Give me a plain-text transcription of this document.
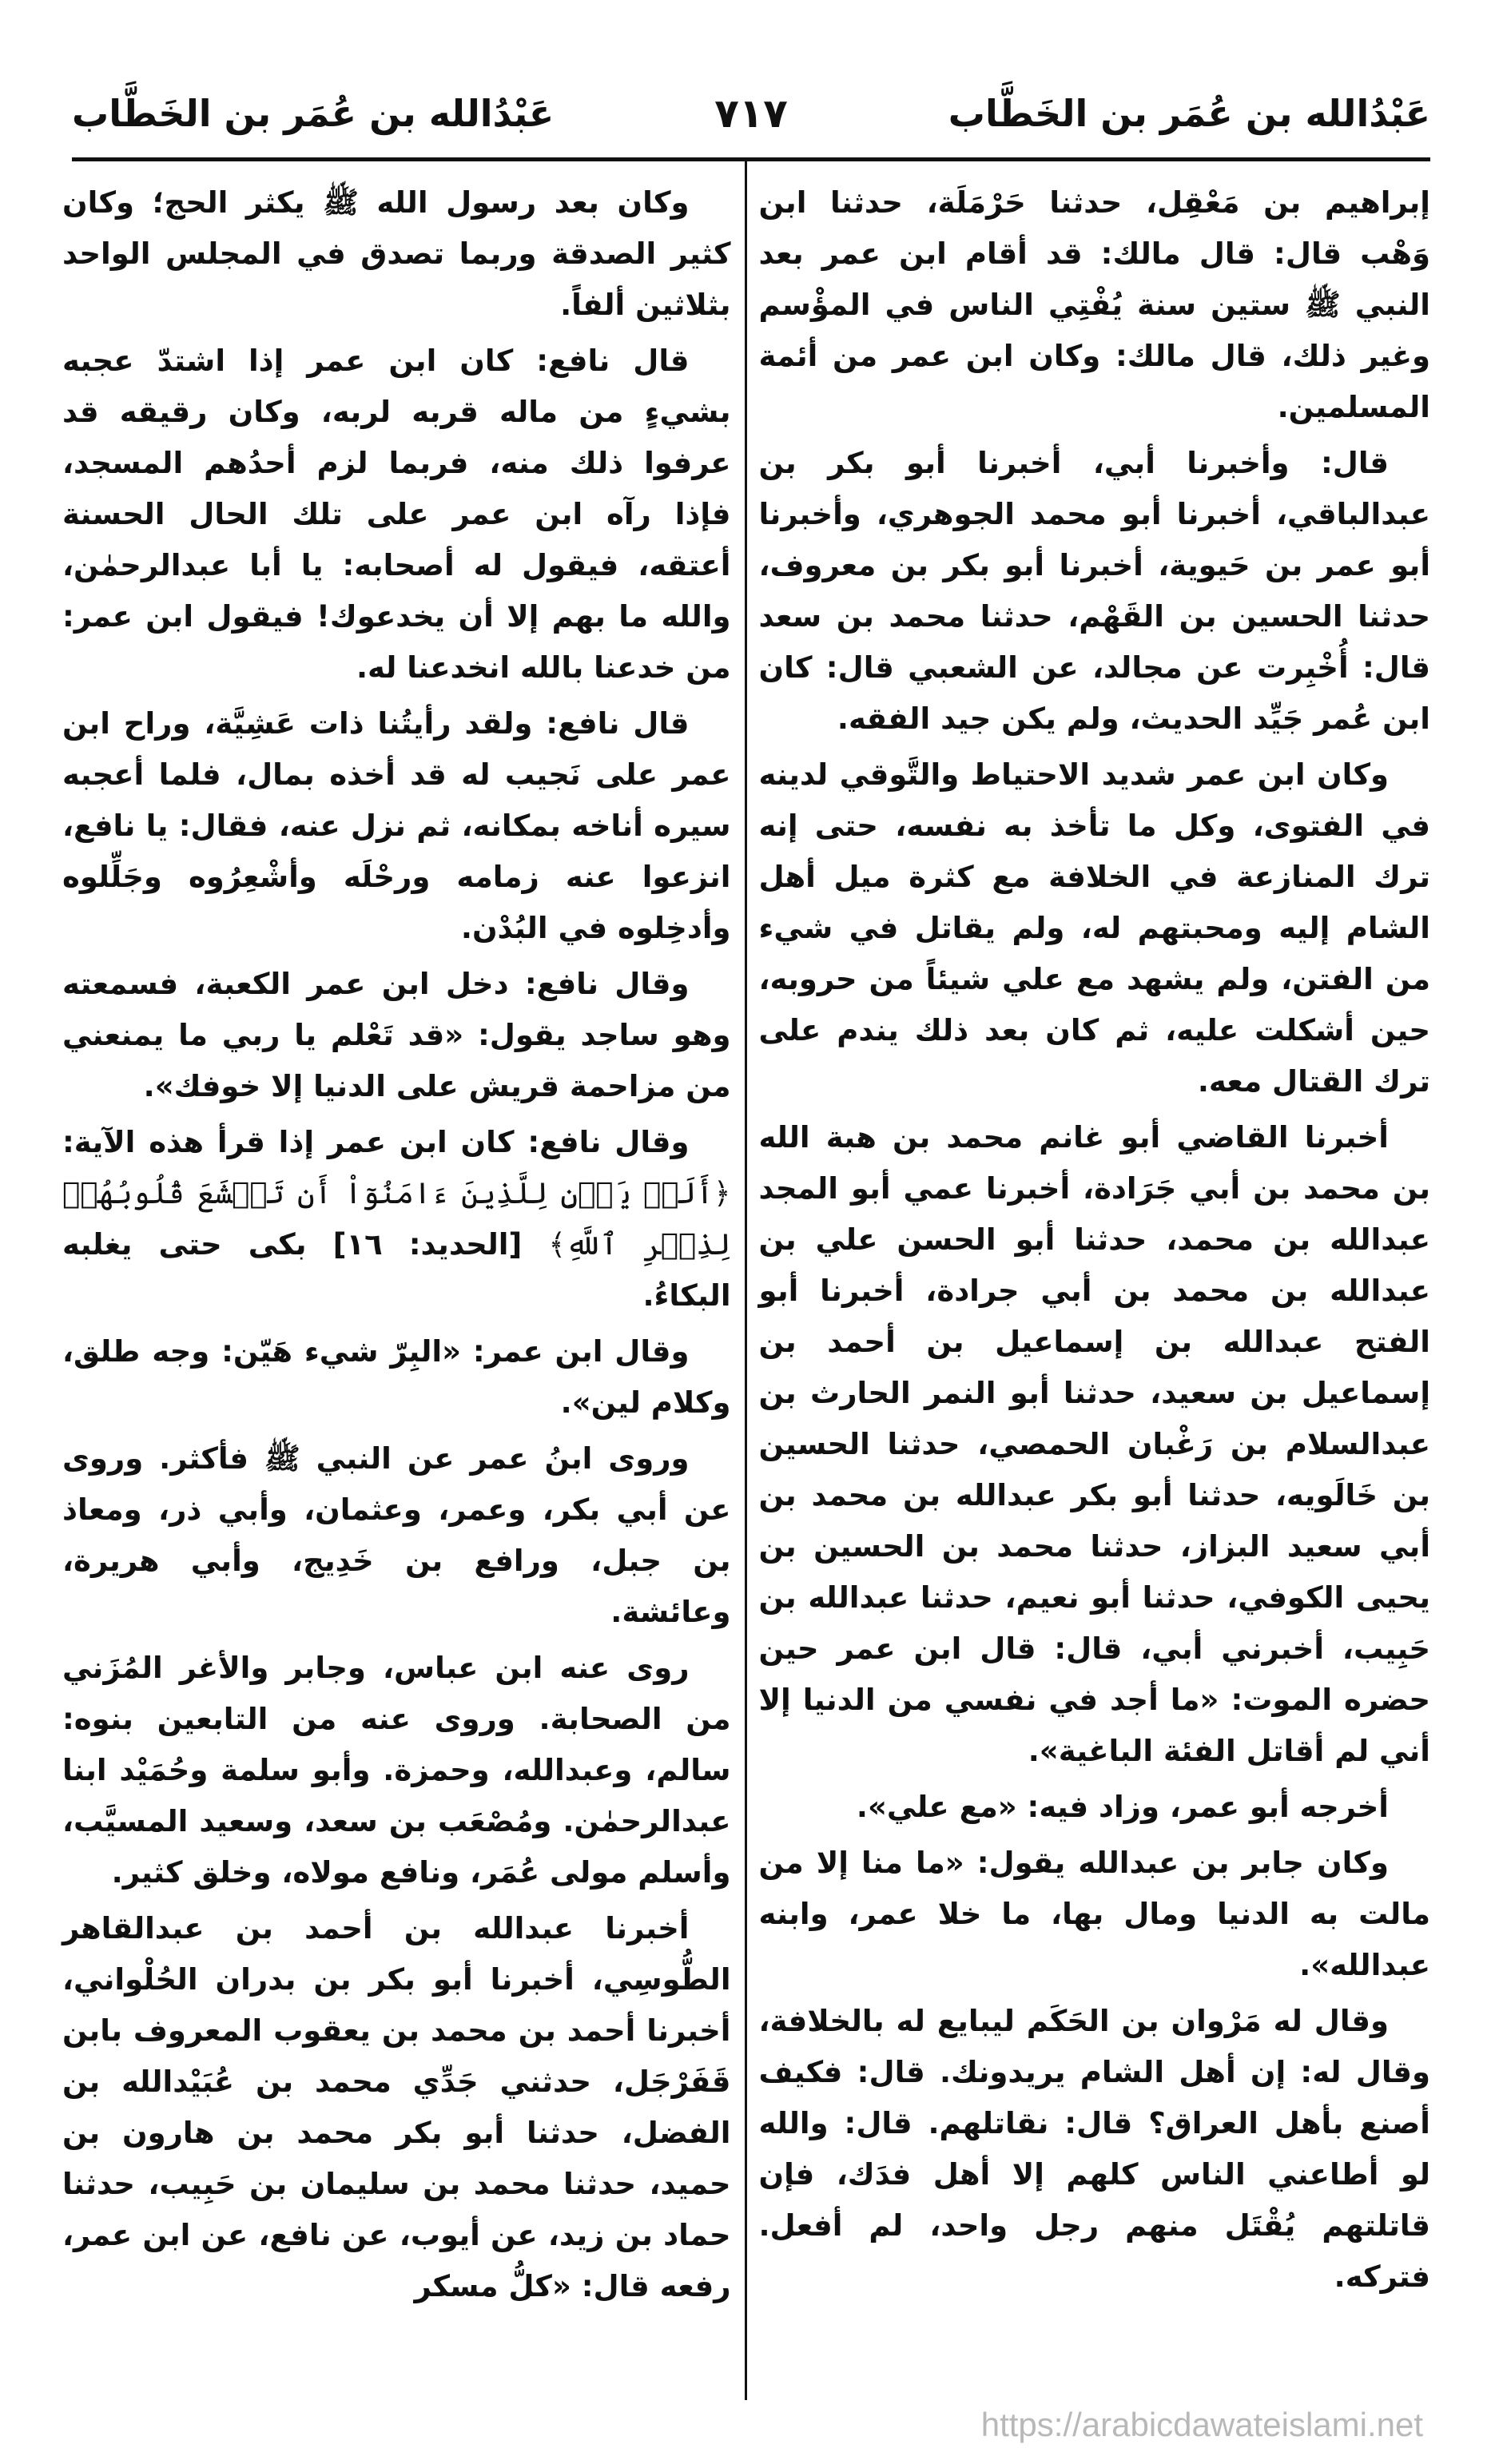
عَبْدُالله بن عُمَر بن الخَطَّاب
٧١٧
عَبْدُالله بن عُمَر بن الخَطَّاب

إبراهيم بن مَعْقِل، حدثنا حَرْمَلَة، حدثنا ابن وَهْب قال: قال مالك: قد أقام ابن عمر بعد النبي ﷺ ستين سنة يُفْتِي الناس في المؤْسم وغير ذلك، قال مالك: وكان ابن عمر من أئمة المسلمين.

قال: وأخبرنا أبي، أخبرنا أبو بكر بن عبدالباقي، أخبرنا أبو محمد الجوهري، وأخبرنا أبو عمر بن حَيوية، أخبرنا أبو بكر بن معروف، حدثنا الحسين بن القَهْم، حدثنا محمد بن سعد قال: أُخْبِرت عن مجالد، عن الشعبي قال: كان ابن عُمر جَيِّد الحديث، ولم يكن جيد الفقه.

وكان ابن عمر شديد الاحتياط والتَّوقي لدينه في الفتوى، وكل ما تأخذ به نفسه، حتى إنه ترك المنازعة في الخلافة مع كثرة ميل أهل الشام إليه ومحبتهم له، ولم يقاتل في شيء من الفتن، ولم يشهد مع علي شيئاً من حروبه، حين أشكلت عليه، ثم كان بعد ذلك يندم على ترك القتال معه.

أخبرنا القاضي أبو غانم محمد بن هبة الله بن محمد بن أبي جَرَادة، أخبرنا عمي أبو المجد عبدالله بن محمد، حدثنا أبو الحسن علي بن عبدالله بن محمد بن أبي جرادة، أخبرنا أبو الفتح عبدالله بن إسماعيل بن أحمد بن إسماعيل بن سعيد، حدثنا أبو النمر الحارث بن عبدالسلام بن رَغْبان الحمصي، حدثنا الحسين بن خَالَويه، حدثنا أبو بكر عبدالله بن محمد بن أبي سعيد البزاز، حدثنا محمد بن الحسين بن يحيى الكوفي، حدثنا أبو نعيم، حدثنا عبدالله بن حَبِيب، أخبرني أبي، قال: قال ابن عمر حين حضره الموت: «ما أجد في نفسي من الدنيا إلا أني لم أقاتل الفئة الباغية».

أخرجه أبو عمر، وزاد فيه: «مع علي».

وكان جابر بن عبدالله يقول: «ما منا إلا من مالت به الدنيا ومال بها، ما خلا عمر، وابنه عبدالله».

وقال له مَرْوان بن الحَكَم ليبايع له بالخلافة، وقال له: إن أهل الشام يريدونك. قال: فكيف أصنع بأهل العراق؟ قال: نقاتلهم. قال: والله لو أطاعني الناس كلهم إلا أهل فدَك، فإن قاتلتهم يُقْتَل منهم رجل واحد، لم أفعل. فتركه.

وكان بعد رسول الله ﷺ يكثر الحج؛ وكان كثير الصدقة وربما تصدق في المجلس الواحد بثلاثين ألفاً.

قال نافع: كان ابن عمر إذا اشتدّ عجبه بشيءٍ من ماله قربه لربه، وكان رقيقه قد عرفوا ذلك منه، فربما لزم أحدُهم المسجد، فإذا رآه ابن عمر على تلك الحال الحسنة أعتقه، فيقول له أصحابه: يا أبا عبدالرحمٰن، والله ما بهم إلا أن يخدعوك! فيقول ابن عمر: من خدعنا بالله انخدعنا له.

قال نافع: ولقد رأيتُنا ذات عَشِيَّة، وراح ابن عمر على نَجيب له قد أخذه بمال، فلما أعجبه سيره أناخه بمكانه، ثم نزل عنه، فقال: يا نافع، انزعوا عنه زمامه ورحْلَه وأشْعِرُوه وجَلِّلوه وأدخِلوه في البُدْن.

وقال نافع: دخل ابن عمر الكعبة، فسمعته وهو ساجد يقول: «قد تَعْلم يا ربي ما يمنعني من مزاحمة قريش على الدنيا إلا خوفك».

وقال نافع: كان ابن عمر إذا قرأ هذه الآية: ﴿أَلَمۡ يَأۡنِ لِلَّذِينَ ءَامَنُوٓاْ أَن تَخۡشَعَ قُلُوبُهُمۡ لِذِكۡرِ ٱللَّهِ﴾ [الحديد: ١٦] بكى حتى يغلبه البكاءُ.

وقال ابن عمر: «البِرّ شيء هَيّن: وجه طلق، وكلام لين».

وروى ابنُ عمر عن النبي ﷺ فأكثر. وروى عن أبي بكر، وعمر، وعثمان، وأبي ذر، ومعاذ بن جبل، ورافع بن خَدِيج، وأبي هريرة، وعائشة.

روى عنه ابن عباس، وجابر والأغر المُزَني من الصحابة. وروى عنه من التابعين بنوه: سالم، وعبدالله، وحمزة. وأبو سلمة وحُمَيْد ابنا عبدالرحمٰن. ومُصْعَب بن سعد، وسعيد المسيَّب، وأسلم مولى عُمَر، ونافع مولاه، وخلق كثير.

أخبرنا عبدالله بن أحمد بن عبدالقاهر الطُّوسِي، أخبرنا أبو بكر بن بدران الحُلْواني، أخبرنا أحمد بن محمد بن يعقوب المعروف بابن قَفَرْجَل، حدثني جَدِّي محمد بن عُبَيْدالله بن الفضل، حدثنا أبو بكر محمد بن هارون بن حميد، حدثنا محمد بن سليمان بن حَبِيب، حدثنا حماد بن زيد، عن أيوب، عن نافع، عن ابن عمر، رفعه قال: «كلُّ مسكر

https://arabicdawateislami.net
